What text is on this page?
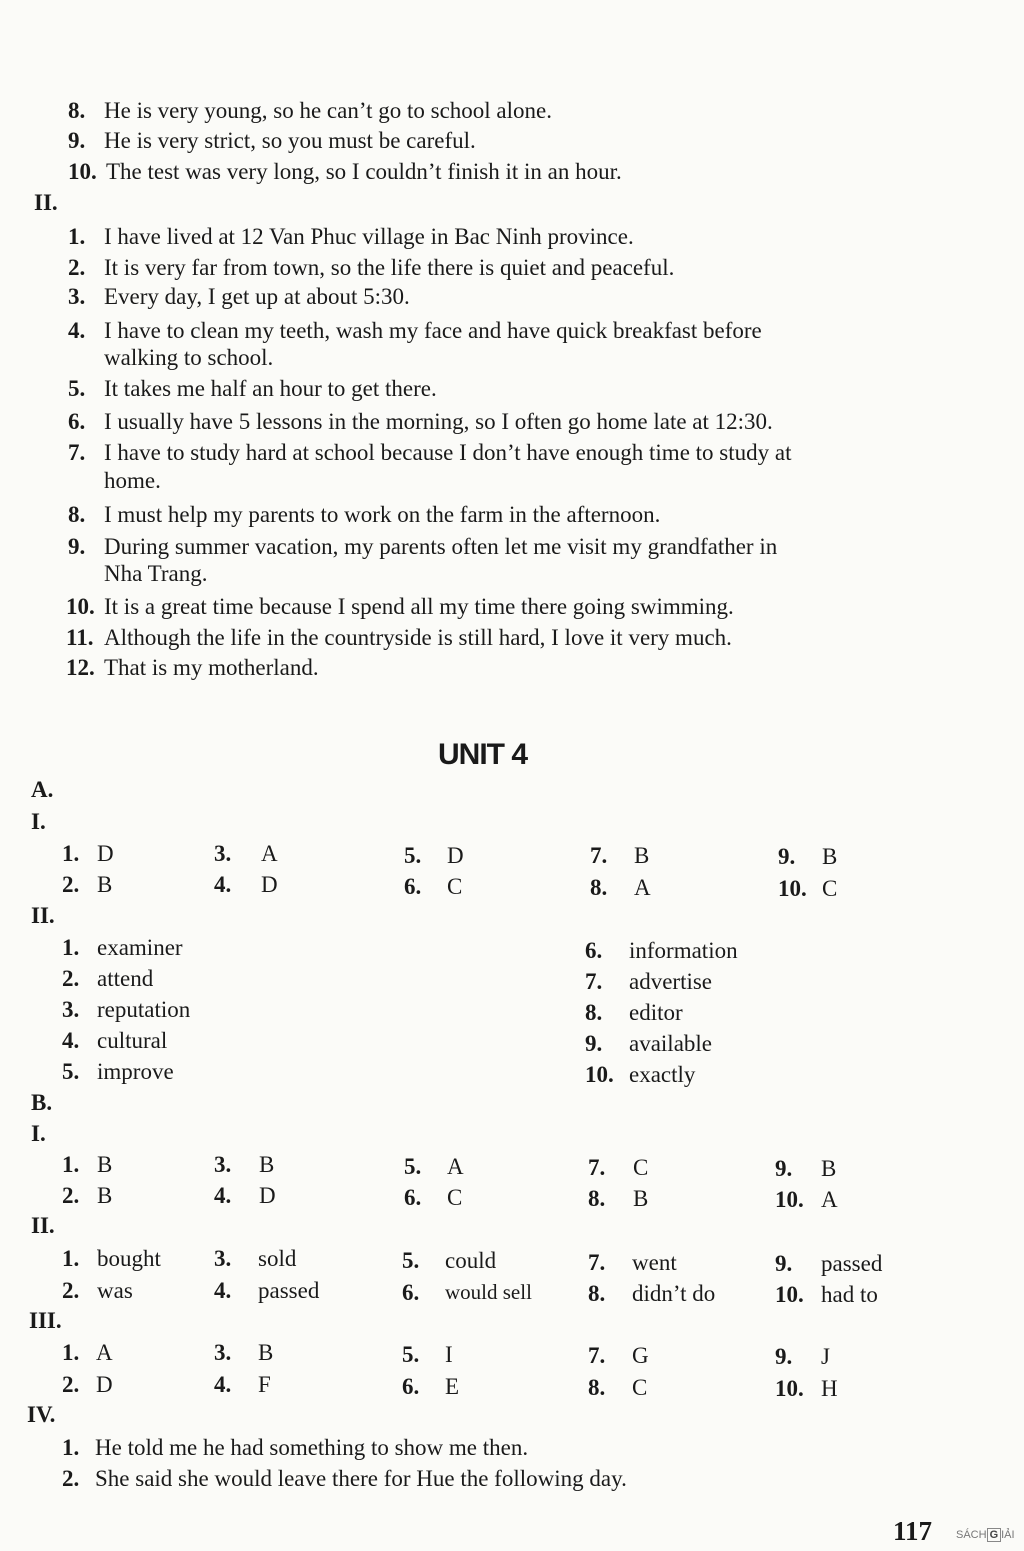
8. He is very young, so he can’t go to school alone.
9. He is very strict, so you must be careful.
10. The test was very long, so I couldn’t finish it in an hour.
II.
1. I have lived at 12 Van Phuc village in Bac Ninh province.
2. It is very far from town, so the life there is quiet and peaceful.
3. Every day, I get up at about 5:30.
4. I have to clean my teeth, wash my face and have quick breakfast before
walking to school.
5. It takes me half an hour to get there.
6. I usually have 5 lessons in the morning, so I often go home late at 12:30.
7. I have to study hard at school because I don’t have enough time to study at
home.
8. I must help my parents to work on the farm in the afternoon.
9. During summer vacation, my parents often let me visit my grandfather in
Nha Trang.
10. It is a great time because I spend all my time there going swimming.
11. Although the life in the countryside is still hard, I love it very much.
12. That is my motherland.
UNIT 4
A.
I.
1. D	3. A	5. D	7. B	9. B
2. B	4. D	6. C	8. A	10. C
II.
1. examiner
2. attend
3. reputation
4. cultural
5. improve
6. information
7. advertise
8. editor
9. available
10. exactly
B.
I.
1. B	3. B	5. A	7. C	9. B
2. B	4. D	6. C	8. B	10. A
II.
1. bought 3. sold	5. could	7. went	9. passed
2. was	4. passed	6. would sell 8. didn’t do	10. had to
III.
1. A	3. B	5. I	7. G	9. J
2. D	4. F	6. E	8. C	10. H
IV.
1. He told me he had something to show me then.
2. She said she would leave there for Hue the following day.
117 SÁCH G IẢI
